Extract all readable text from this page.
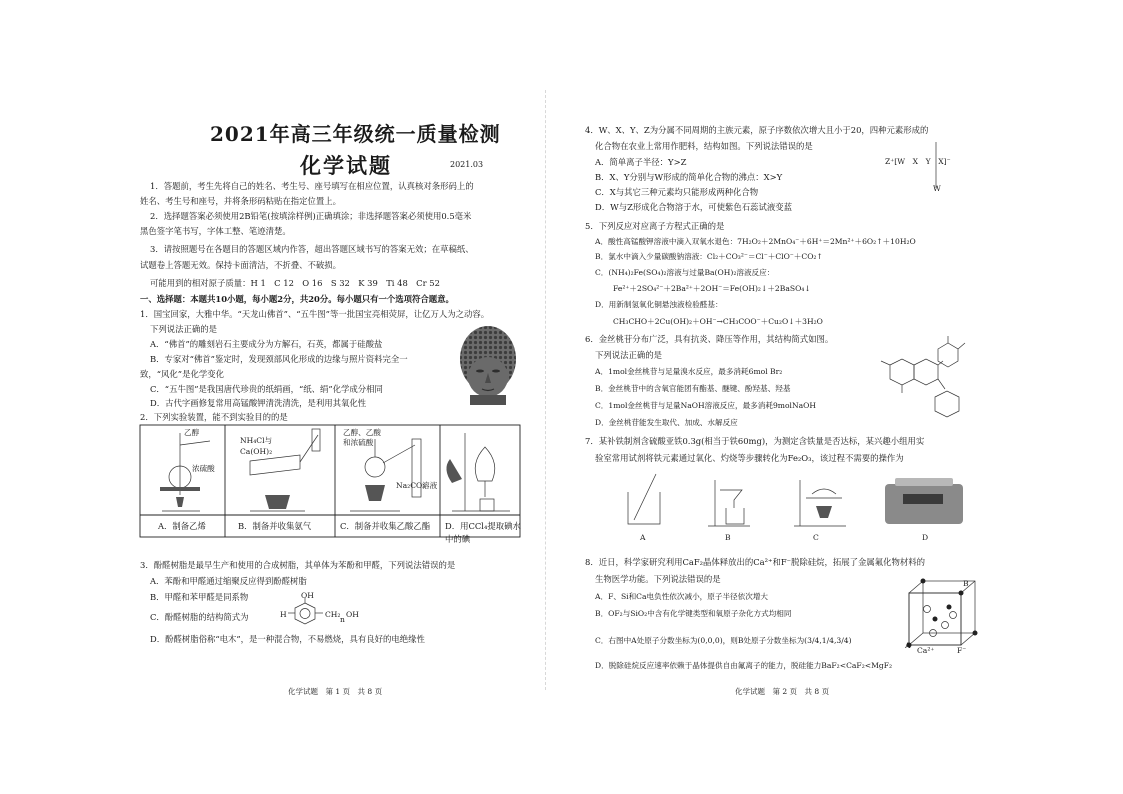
2021年高三年级统一质量检测
化学试题	2021.03
1．答题前，考生先将自己的姓名、考生号、座号填写在相应位置，认真核对条形码上的
姓名、考生号和座号，并将条形码粘贴在指定位置上。
2．选择题答案必须使用2B铅笔(按填涂样例)正确填涂；非选择题答案必须使用0.5毫米
黑色签字笔书写，字体工整、笔迹清楚。
3．请按照题号在各题目的答题区域内作答，超出答题区域书写的答案无效；在草稿纸、
试题卷上答题无效。保持卡面清洁，不折叠、不破损。
可能用到的相对原子质量：H 1　C 12　O 16　S 32　K 39　Ti 48　Cr 52
一、选择题：本题共10小题，每小题2分，共20分。每小题只有一个选项符合题意。
1．国宝回家，大雅中华。“天龙山佛首”、“五牛图”等一批国宝亮相荧屏，让亿万人为之动容。
下列说法正确的是
A．“佛首”的雕刻岩石主要成分为方解石，石英，都属于硅酸盐
B．专家对“佛首”鉴定时，发现颈部风化形成的边缘与照片资料完全一
致，“风化”是化学变化
C．“五牛图”是我国唐代珍贵的纸绢画，“纸、绢”化学成分相同
D．古代字画修复常用高锰酸钾清洗清洗，是利用其氧化性
2．下列实验装置，能不到实验目的的是
乙醇
浓硫酸
NH₄Cl与
Ca(OH)₂
乙醇、乙酸
和浓硫酸
Na₂CO₃
溶液
A．制备乙烯	B．制备并收集氨气	C．制备并收集乙酸乙酯 D．用CCl₄提取碘水
中的碘
3．酚醛树脂是最早生产和使用的合成树脂，其单体为苯酚和甲醛，下列说法错误的是
A．苯酚和甲醛通过缩聚反应得到酚醛树脂
B．甲醛和苯甲醛是同系物
C．酚醛树脂的结构简式为
OH
H	CH₂
n
OH
D．酚醛树脂俗称“电木”，是一种混合物，不易燃烧，具有良好的电绝缘性
化学试题　第 1 页　共 8 页
4．W、X、Y、Z为分属不同周期的主族元素，原子序数依次增大且小于20，四种元素形成的
化合物在农业上常用作肥料，结构如图。下列说法错误的是
A．简单离子半径：Y>Z
B．X、Y分别与W形成的简单化合物的沸点：X>Y
C．X与其它三种元素均只能形成两种化合物
D．W与Z形成化合物溶于水，可使紫色石蕊试液变蓝
Z⁺[W　X　Y　X]⁻
W
5．下列反应对应离子方程式正确的是
A．酸性高锰酸钾溶液中滴入双氧水退色：7H₂O₂＋2MnO₄⁻＋6H⁺＝2Mn²⁺＋6O₂↑＋10H₂O
B．氯水中滴入少量碳酸钠溶液：Cl₂＋CO₃²⁻＝Cl⁻＋ClO⁻＋CO₂↑
C．(NH₄)₂Fe(SO₄)₂溶液与过量Ba(OH)₂溶液反应：
Fe²⁺＋2SO₄²⁻＋2Ba²⁺＋2OH⁻＝Fe(OH)₂↓＋2BaSO₄↓
D．用新制氢氧化铜悬浊液检验醛基：
CH₃CHO＋2Cu(OH)₂＋OH⁻→CH₃COO⁻＋Cu₂O↓＋3H₂O
6．金丝桃苷分布广泛，具有抗炎、降压等作用，其结构简式如图。
下列说法正确的是
A．1mol金丝桃苷与足量溴水反应，最多消耗6mol Br₂
B．金丝桃苷中的含氧官能团有酯基、醚键、酚羟基、羟基
C．1mol金丝桃苷与足量NaOH溶液反应，最多消耗9molNaOH
D．金丝桃苷能发生取代、加成、水解反应
7．某补铁制剂含硫酸亚铁0.3g(相当于铁60mg)，为测定含铁量是否达标，某兴趣小组用实
验室常用试剂将铁元素通过氧化、灼烧等步骤转化为Fe₂O₃，该过程不需要的操作为
A	B	C	D
8．近日，科学家研究利用CaF₂晶体释放出的Ca²⁺和F⁻脱除硅烷，拓展了金属氟化物材料的
生物医学功能。下列说法错误的是
A．F、Si和Ca电负性依次减小，原子半径依次增大
B．OF₂与SiO₂中含有化学键类型和氧原子杂化方式均相同
C．右图中A处原子分数坐标为(0,0,0)，则B处原子分数坐标为(3/4,1/4,3/4)
D．脱除硅烷反应速率依赖于晶体提供自由氟离子的能力，脱硅能力BaF₂<CaF₂<MgF₂
A
B
Ca²⁺	F⁻
化学试题　第 2 页　共 8 页
